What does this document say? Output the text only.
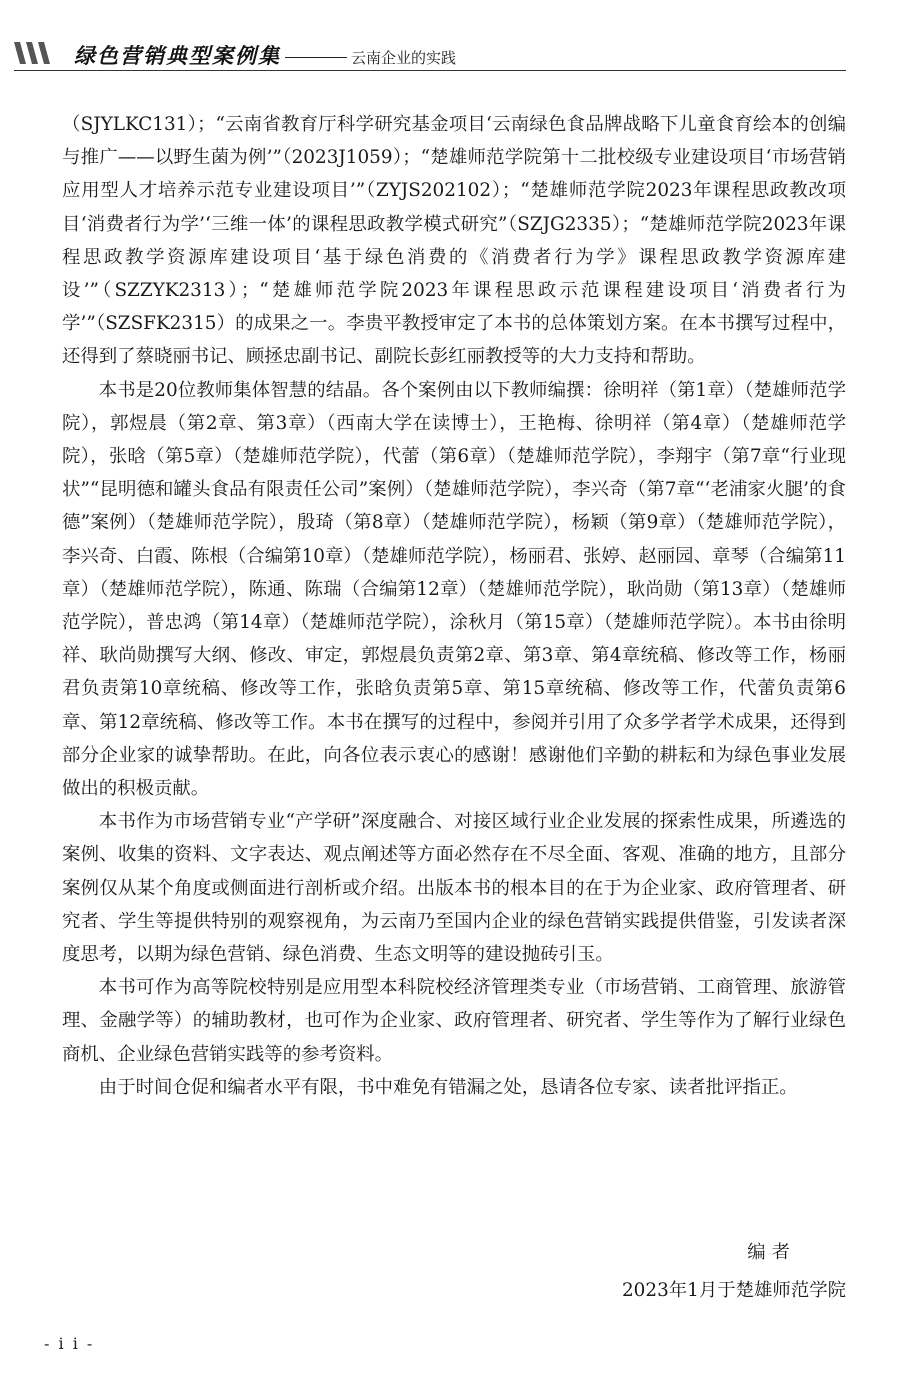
绿色营销典型案例集	云南企业的实践

（SJYLKC131）；“云南省教育厅科学研究基金项目‘云南绿色食品牌战略下儿童食育绘本的创编与推广——以野生菌为例’”（2023J1059）；“楚雄师范学院第十二批校级专业建设项目‘市场营销应用型人才培养示范专业建设项目’”（ZYJS202102）；“楚雄师范学院2023年课程思政教改项目‘消费者行为学’‘三维一体’的课程思政教学模式研究”（SZJG2335）；“楚雄师范学院2023年课程思政教学资源库建设项目‘基于绿色消费的《消费者行为学》课程思政教学资源库建设’”（SZZYK2313）；“楚雄师范学院2023年课程思政示范课程建设项目‘消费者行为学’”（SZSFK2315）的成果之一。李贵平教授审定了本书的总体策划方案。在本书撰写过程中，还得到了蔡晓丽书记、顾拯忠副书记、副院长彭红丽教授等的大力支持和帮助。

本书是20位教师集体智慧的结晶。各个案例由以下教师编撰：徐明祥（第1章）（楚雄师范学院），郭煜晨（第2章、第3章）（西南大学在读博士），王艳梅、徐明祥（第4章）（楚雄师范学院），张晗（第5章）（楚雄师范学院），代蕾（第6章）（楚雄师范学院），李翔宇（第7章“行业现状”“昆明德和罐头食品有限责任公司”案例）（楚雄师范学院），李兴奇（第7章“‘老浦家火腿’的食德”案例）（楚雄师范学院），殷琦（第8章）（楚雄师范学院），杨颖（第9章）（楚雄师范学院），李兴奇、白霞、陈根（合编第10章）（楚雄师范学院），杨丽君、张婷、赵丽园、章琴（合编第11章）（楚雄师范学院），陈通、陈瑞（合编第12章）（楚雄师范学院），耿尚勋（第13章）（楚雄师范学院），普忠鸿（第14章）（楚雄师范学院），涂秋月（第15章）（楚雄师范学院）。本书由徐明祥、耿尚勋撰写大纲、修改、审定，郭煜晨负责第2章、第3章、第4章统稿、修改等工作，杨丽君负责第10章统稿、修改等工作，张晗负责第5章、第15章统稿、修改等工作，代蕾负责第6章、第12章统稿、修改等工作。本书在撰写的过程中，参阅并引用了众多学者学术成果，还得到部分企业家的诚挚帮助。在此，向各位表示衷心的感谢！感谢他们辛勤的耕耘和为绿色事业发展做出的积极贡献。

本书作为市场营销专业“产学研”深度融合、对接区域行业企业发展的探索性成果，所遴选的案例、收集的资料、文字表达、观点阐述等方面必然存在不尽全面、客观、准确的地方，且部分案例仅从某个角度或侧面进行剖析或介绍。出版本书的根本目的在于为企业家、政府管理者、研究者、学生等提供特别的观察视角，为云南乃至国内企业的绿色营销实践提供借鉴，引发读者深度思考，以期为绿色营销、绿色消费、生态文明等的建设抛砖引玉。

本书可作为高等院校特别是应用型本科院校经济管理类专业（市场营销、工商管理、旅游管理、金融学等）的辅助教材，也可作为企业家、政府管理者、研究者、学生等作为了解行业绿色商机、企业绿色营销实践等的参考资料。

由于时间仓促和编者水平有限，书中难免有错漏之处，恳请各位专家、读者批评指正。

编者
2023年1月于楚雄师范学院
- i i -
